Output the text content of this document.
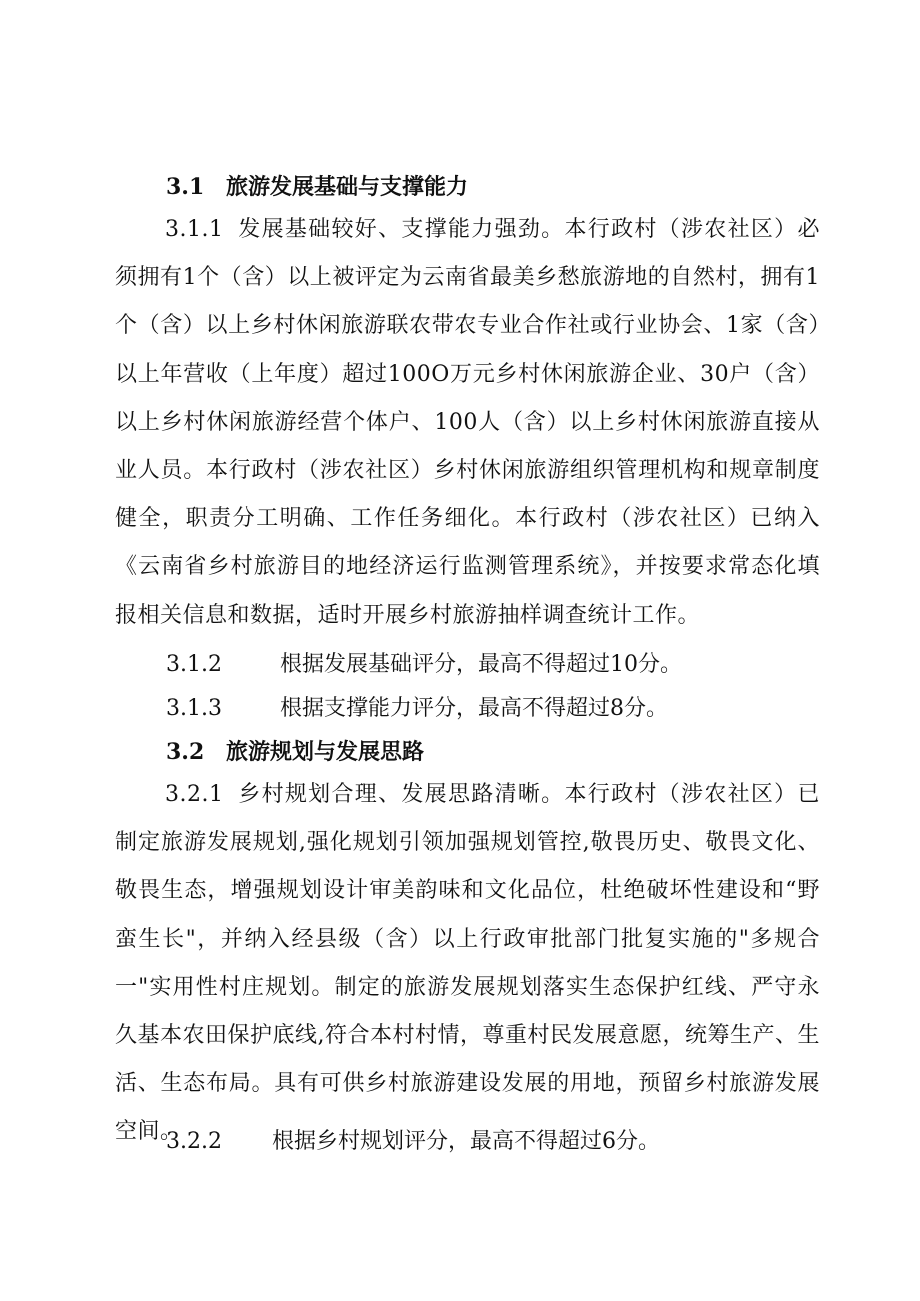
3.1 旅游发展基础与支撑能力

3.1.1 发展基础较好、支撑能力强劲。本行政村（涉农社区）必须拥有1个（含）以上被评定为云南省最美乡愁旅游地的自然村，拥有1个（含）以上乡村休闲旅游联农带农专业合作社或行业协会、1家（含）以上年营收（上年度）超过100O万元乡村休闲旅游企业、30户（含）以上乡村休闲旅游经营个体户、100人（含）以上乡村休闲旅游直接从业人员。本行政村（涉农社区）乡村休闲旅游组织管理机构和规章制度健全，职责分工明确、工作任务细化。本行政村（涉农社区）已纳入《云南省乡村旅游目的地经济运行监测管理系统》，并按要求常态化填报相关信息和数据，适时开展乡村旅游抽样调查统计工作。

3.1.2	根据发展基础评分，最高不得超过10分。
3.1.3	根据支撑能力评分，最高不得超过8分。
3.2 旅游规划与发展思路

3.2.1 乡村规划合理、发展思路清晰。本行政村（涉农社区）已制定旅游发展规划,强化规划引领加强规划管控,敬畏历史、敬畏文化、敬畏生态，增强规划设计审美韵味和文化品位，杜绝破坏性建设和“野蛮生长"，并纳入经县级（含）以上行政审批部门批复实施的"多规合一"实用性村庄规划。制定的旅游发展规划落实生态保护红线、严守永久基本农田保护底线,符合本村村情，尊重村民发展意愿，统筹生产、生活、生态布局。具有可供乡村旅游建设发展的用地，预留乡村旅游发展空间。

3.2.2 根据乡村规划评分，最高不得超过6分。
